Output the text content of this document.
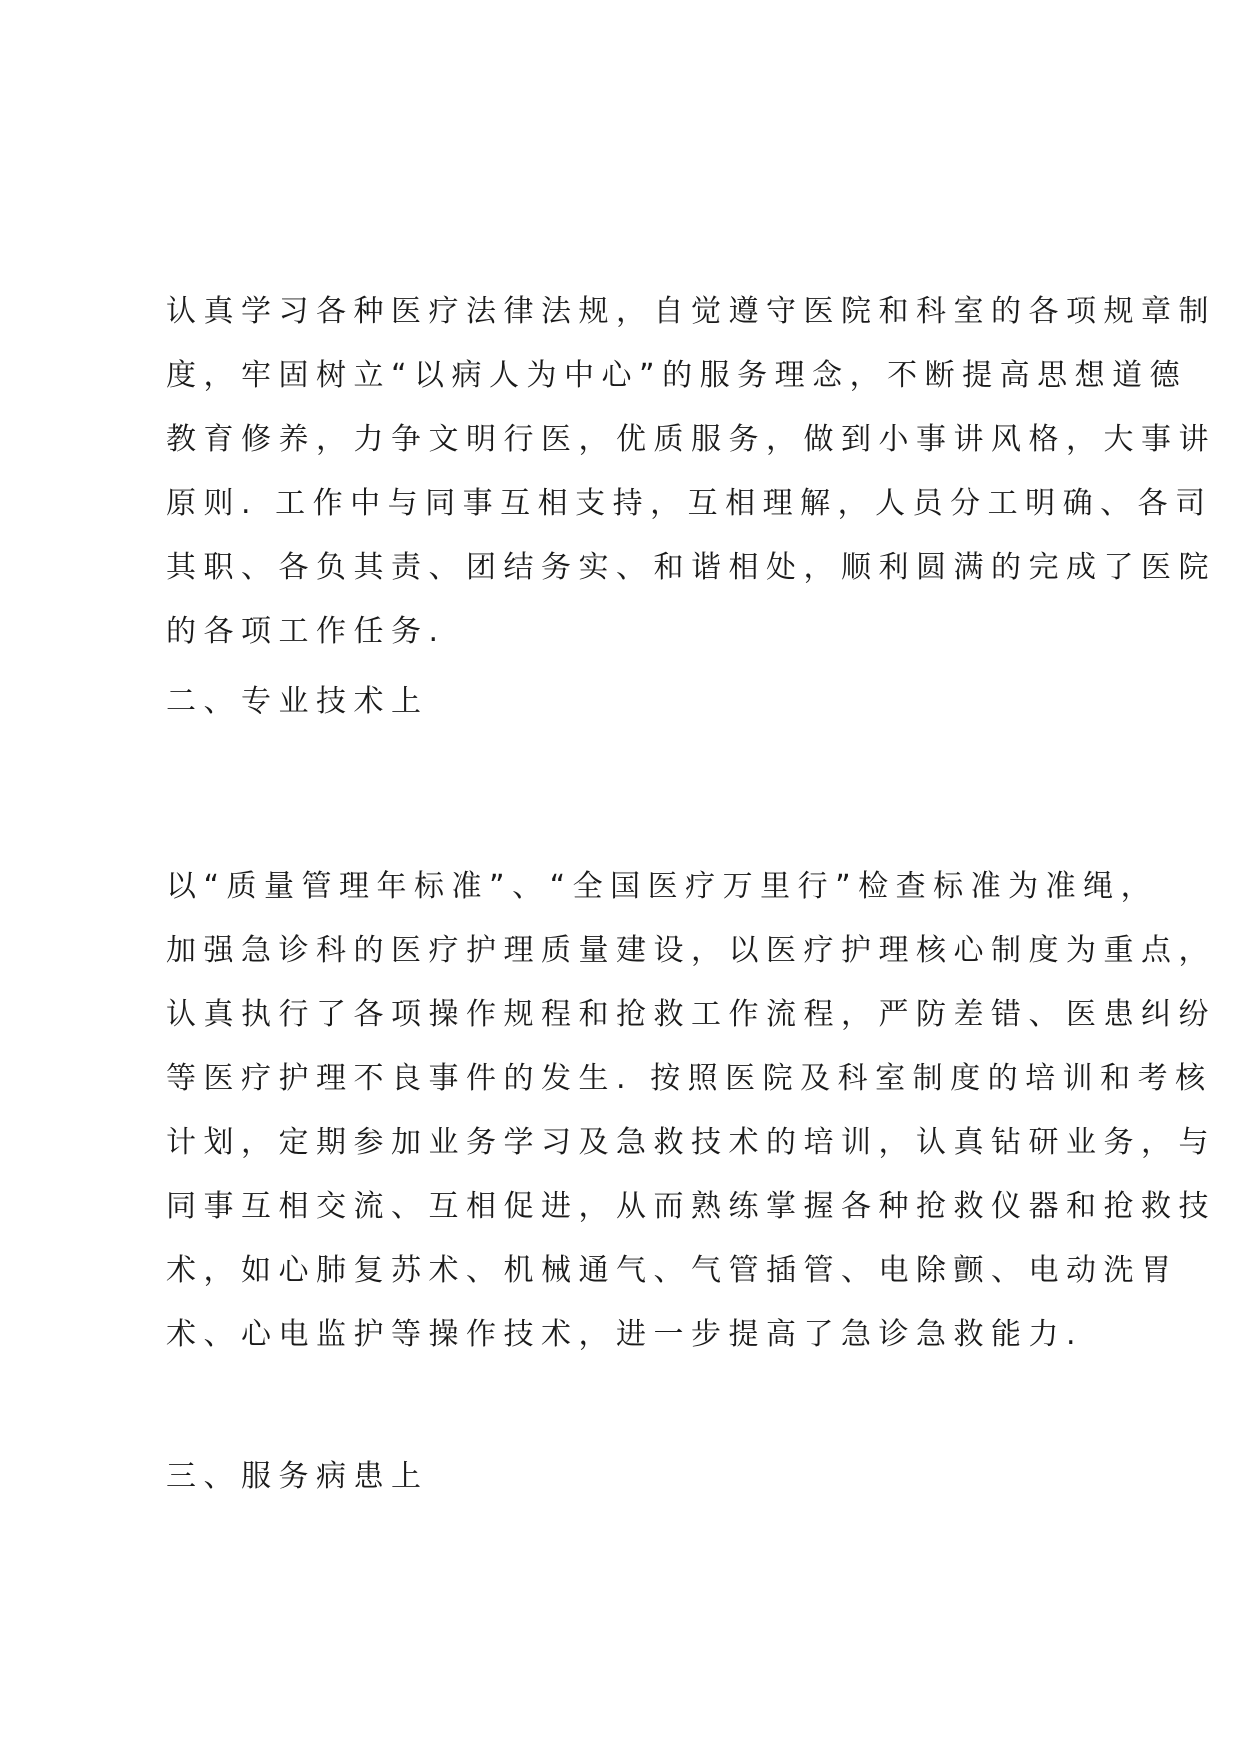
认真学习各种医疗法律法规，自觉遵守医院和科室的各项规章制
度，牢固树立“以病人为中心”的服务理念，不断提高思想道德
教育修养，力争文明行医，优质服务，做到小事讲风格，大事讲
原则. 工作中与同事互相支持，互相理解，人员分工明确、各司
其职、各负其责、团结务实、和谐相处，顺利圆满的完成了医院
的各项工作任务.
二、专业技术上
以“质量管理年标准”、“全国医疗万里行”检查标准为准绳，
加强急诊科的医疗护理质量建设，以医疗护理核心制度为重点，
认真执行了各项操作规程和抢救工作流程，严防差错、医患纠纷
等医疗护理不良事件的发生. 按照医院及科室制度的培训和考核
计划，定期参加业务学习及急救技术的培训，认真钻研业务，与
同事互相交流、互相促进，从而熟练掌握各种抢救仪器和抢救技
术，如心肺复苏术、机械通气、气管插管、电除颤、电动洗胃
术、心电监护等操作技术，进一步提高了急诊急救能力.
三、服务病患上
